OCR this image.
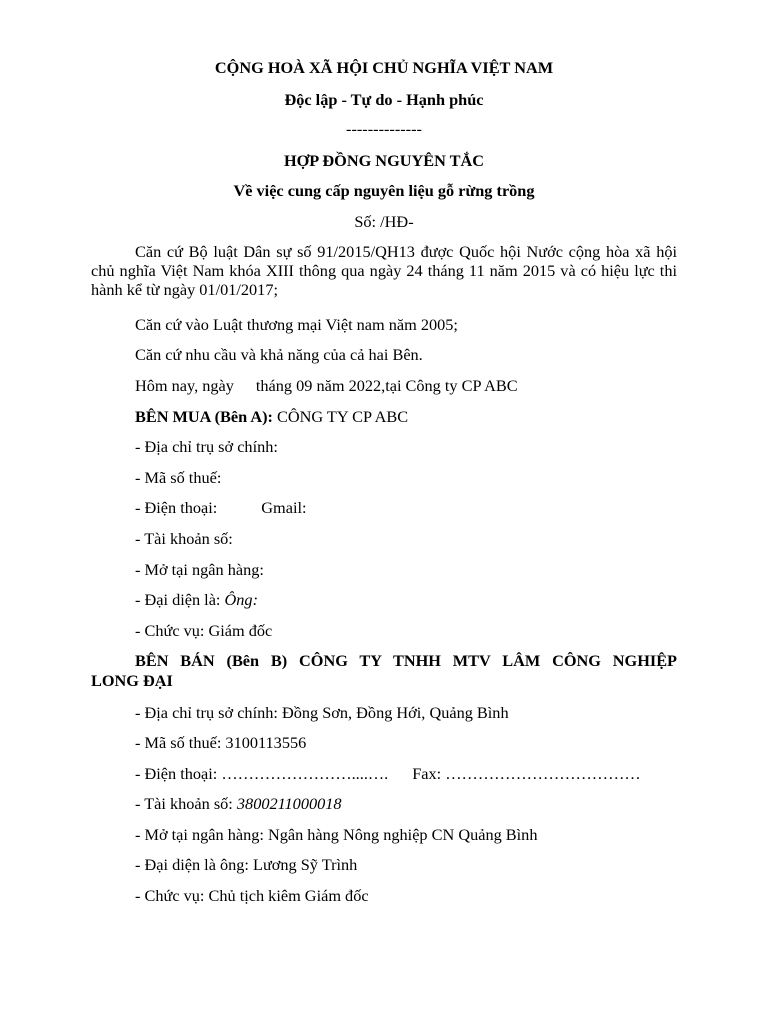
CỘNG HOÀ XÃ HỘI CHỦ NGHĨA VIỆT NAM
Độc lập - Tự do - Hạnh phúc
--------------
HỢP ĐỒNG NGUYÊN TẮC
Về việc cung cấp nguyên liệu gỗ rừng trồng
Số: /HĐ-
Căn cứ Bộ luật Dân sự số 91/2015/QH13 được Quốc hội Nước cộng hòa xã hội chủ nghĩa Việt Nam khóa XIII thông qua ngày 24 tháng 11 năm 2015 và có hiệu lực thi hành kể từ ngày 01/01/2017;
Căn cứ vào Luật thương mại Việt nam năm 2005;
Căn cứ nhu cầu và khả năng của cả hai Bên.
Hôm nay, ngày tháng 09 năm 2022,tại Công ty CP ABC
BÊN MUA (Bên A): CÔNG TY CP ABC
- Địa chỉ trụ sở chính:
- Mã số thuế:
- Điện thoại:	Gmail:
- Tài khoản số:
- Mở tại ngân hàng:
- Đại diện là: Ông:
- Chức vụ: Giám đốc
BÊN BÁN (Bên B) CÔNG TY TNHH MTV LÂM CÔNG NGHIỆP
LONG ĐẠI
- Địa chỉ trụ sở chính: Đồng Sơn, Đồng Hới, Quảng Bình
- Mã số thuế: 3100113556
- Điện thoại: ……………………....…. Fax: ………………………………
- Tài khoản số: 3800211000018
- Mở tại ngân hàng: Ngân hàng Nông nghiệp CN Quảng Bình
- Đại diện là ông: Lương Sỹ Trình
- Chức vụ: Chủ tịch kiêm Giám đốc
